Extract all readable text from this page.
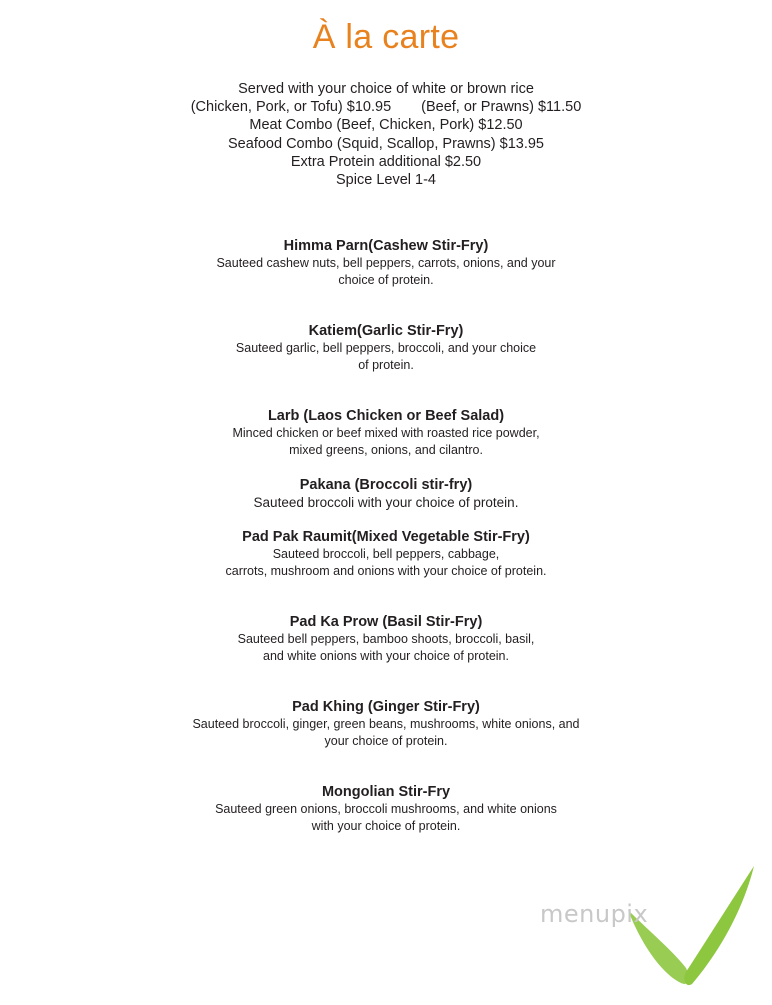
À la carte
Served with your choice of white or brown rice
(Chicken, Pork, or Tofu) $10.95 (Beef, or Prawns) $11.50
Meat Combo (Beef, Chicken, Pork) $12.50
Seafood Combo (Squid, Scallop, Prawns) $13.95
Extra Protein additional $2.50
Spice Level 1-4
Himma Parn(Cashew Stir-Fry)
Sauteed cashew nuts, bell peppers, carrots, onions, and your
choice of protein.
Katiem(Garlic Stir-Fry)
Sauteed garlic, bell peppers, broccoli, and your choice
of protein.
Larb (Laos Chicken or Beef Salad)
Minced chicken or beef mixed with roasted rice powder,
mixed greens, onions, and cilantro.
Pakana (Broccoli stir-fry)
Sauteed broccoli with your choice of protein.
Pad Pak Raumit(Mixed Vegetable Stir-Fry)
Sauteed broccoli, bell peppers, cabbage,
carrots, mushroom and onions with your choice of protein.
Pad Ka Prow (Basil Stir-Fry)
Sauteed bell peppers, bamboo shoots, broccoli, basil,
and white onions with your choice of protein.
Pad Khing (Ginger Stir-Fry)
Sauteed broccoli, ginger, green beans, mushrooms, white onions, and
your choice of protein.
Mongolian Stir-Fry
Sauteed green onions, broccoli mushrooms, and white onions
with your choice of protein.
menupix
